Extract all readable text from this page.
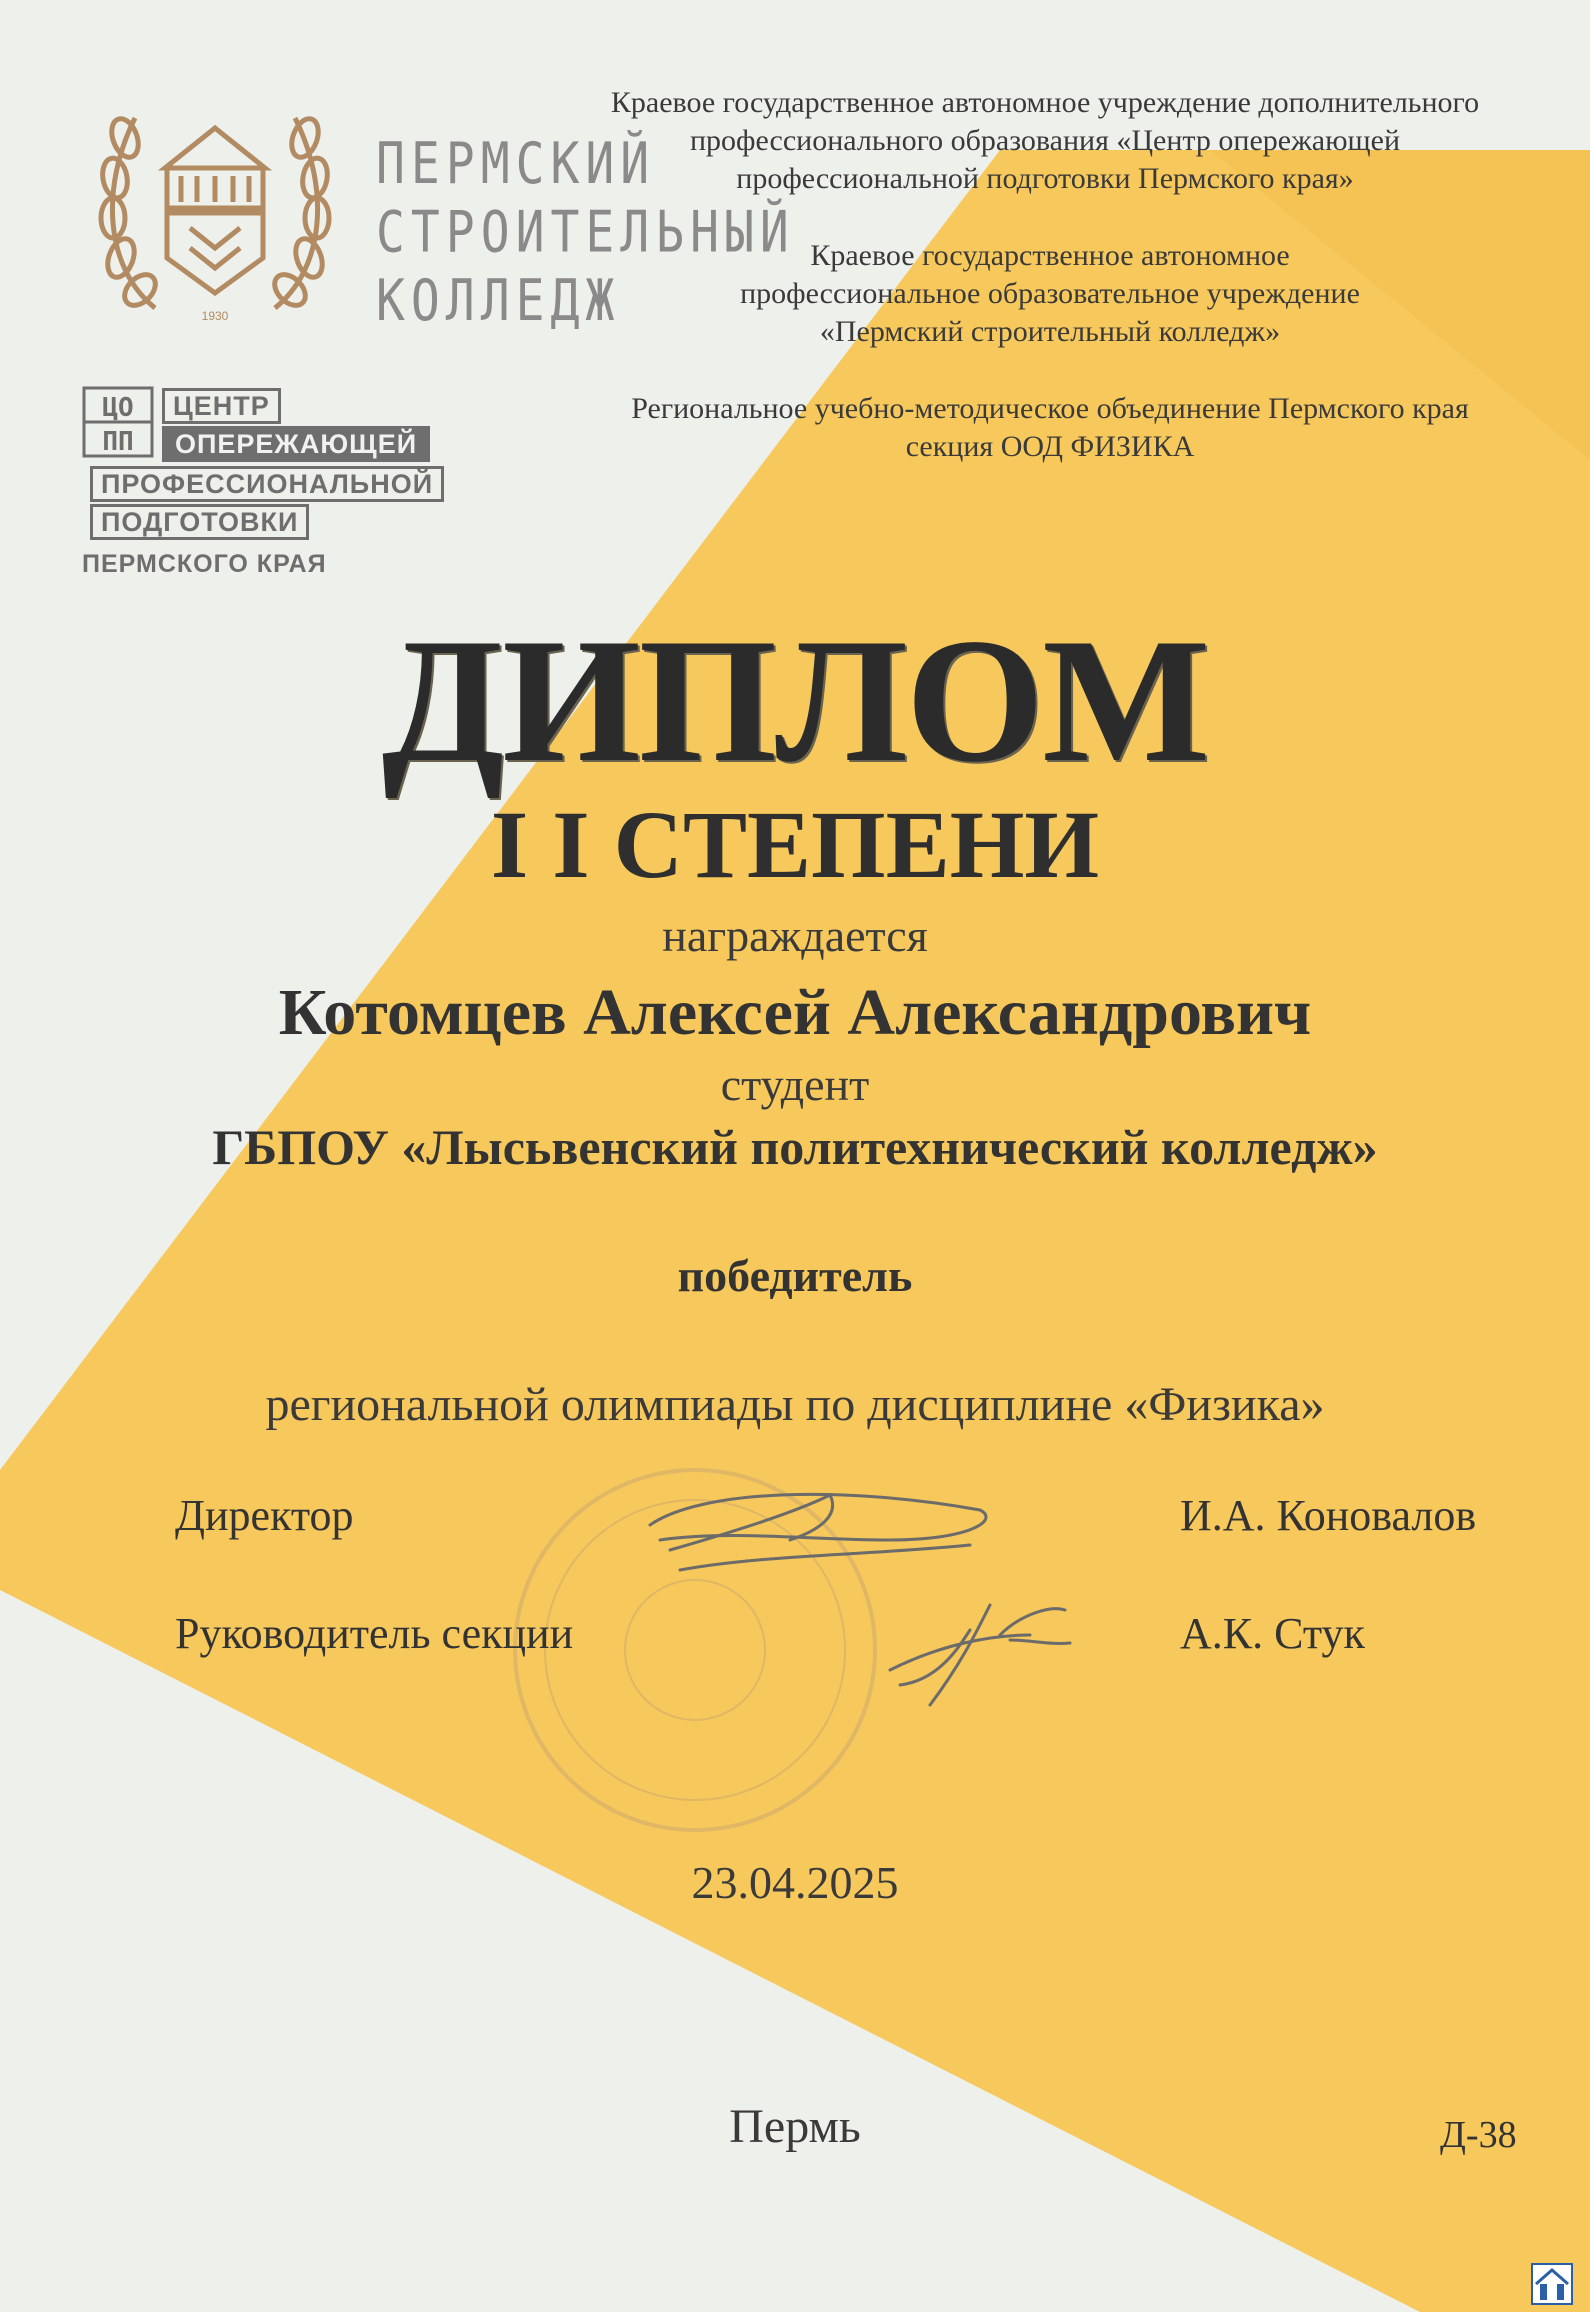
1930
ПЕРМСКИЙ
СТРОИТЕЛЬНЫЙ
КОЛЛЕДЖ
Краевое государственное автономное учреждение дополнительного
профессионального образования «Центр опережающей
профессиональной подготовки Пермского края»
Краевое государственное автономное
профессиональное образовательное учреждение
«Пермский строительный колледж»
Региональное учебно-методическое объединение Пермского края
секция ООД ФИЗИКА
ЦО
ПП
ЦЕНТР
ОПЕРЕЖАЮЩЕЙ
ПРОФЕССИОНАЛЬНОЙ
ПОДГОТОВКИ
ПЕРМСКОГО КРАЯ
ДИПЛОМ
I I СТЕПЕНИ
награждается
Котомцев Алексей Александрович
студент
ГБПОУ «Лысьвенский политехнический колледж»
победитель
региональной олимпиады по дисциплине «Физика»
Директор	И.А. Коновалов
Руководитель секции	А.К. Стук
23.04.2025
Пермь	Д-38
